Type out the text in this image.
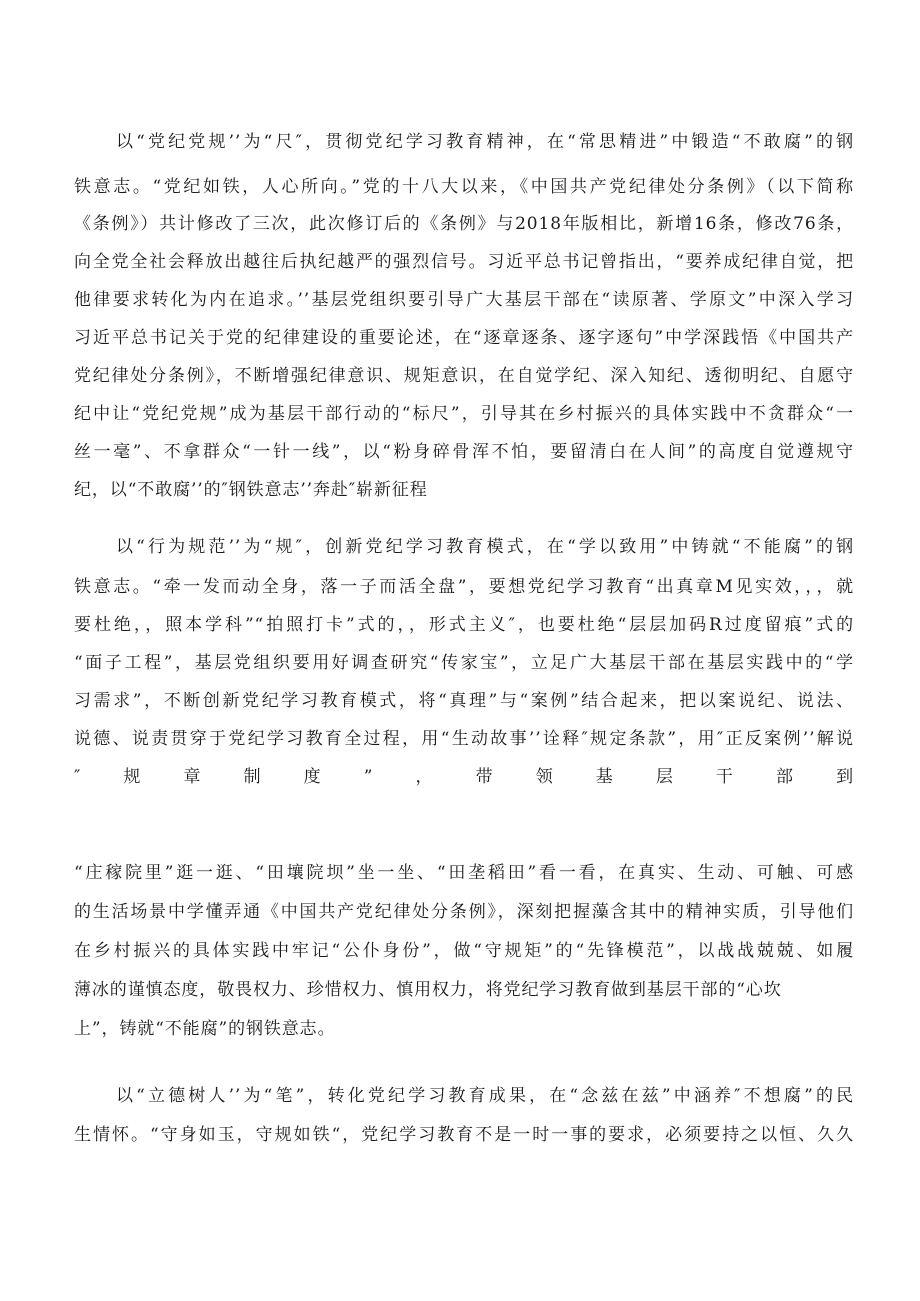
以“党纪党规’’为“尺″，贯彻党纪学习教育精神，在“常思精进”中锻造“不敢腐”的钢
铁意志。“党纪如铁，人心所向。”党的十八大以来，《中国共产党纪律处分条例》（以下简称
《条例》）共计修改了三次，此次修订后的《条例》与2018年版相比，新增16条，修改76条，
向全党全社会释放出越往后执纪越严的强烈信号。习近平总书记曾指出，“要养成纪律自觉，把
他律要求转化为内在追求。’’基层党组织要引导广大基层干部在“读原著、学原文”中深入学习
习近平总书记关于党的纪律建设的重要论述，在“逐章逐条、逐字逐句”中学深践悟《中国共产
党纪律处分条例》，不断增强纪律意识、规矩意识，在自觉学纪、深入知纪、透彻明纪、自愿守
纪中让“党纪党规”成为基层干部行动的“标尺”，引导其在乡村振兴的具体实践中不贪群众“一
丝一毫”、不拿群众“一针一线”，以“粉身碎骨浑不怕，要留清白在人间”的高度自觉遵规守
纪，以“不敢腐’’的″钢铁意志’’奔赴″崭新征程
以“行为规范’’为“规″，创新党纪学习教育模式，在“学以致用”中铸就“不能腐”的钢
铁意志。“牵一发而动全身，落一子而活全盘”，要想党纪学习教育“出真章M见实效，，，就
要杜绝，，照本学科”“拍照打卡”式的，，形式主义″，也要杜绝“层层加码R过度留痕”式的
“面子工程”，基层党组织要用好调查研究“传家宝”，立足广大基层干部在基层实践中的“学
习需求”，不断创新党纪学习教育模式，将“真理”与“案例”结合起来，把以案说纪、说法、
说德、说责贯穿于党纪学习教育全过程，用“生动故事’’诠释″规定条款”，用″正反案例’’解说
″规章制度”，带领基层干部到
“庄稼院里”逛一逛、“田壤院坝”坐一坐、“田垄稻田”看一看，在真实、生动、可触、可感
的生活场景中学懂弄通《中国共产党纪律处分条例》，深刻把握藻含其中的精神实质，引导他们
在乡村振兴的具体实践中牢记“公仆身份”，做“守规矩”的“先锋模范”，以战战兢兢、如履
薄冰的谨慎态度，敬畏权力、珍惜权力、慎用权力，将党纪学习教育做到基层干部的“心坎
上”，铸就“不能腐”的钢铁意志。
以“立德树人’’为“笔”，转化党纪学习教育成果，在“念兹在兹”中涵养″不想腐”的民
生情怀。“守身如玉，守规如铁“，党纪学习教育不是一时一事的要求，必须要持之以恒、久久
